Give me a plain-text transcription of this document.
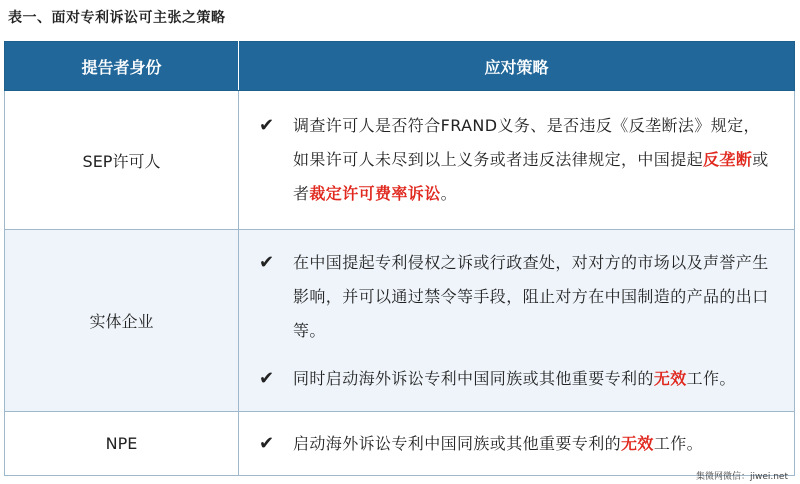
表一、面对专利诉讼可主张之策略
提告者身份	应对策略
SEP许可人	✔ 调查许可人是否符合FRAND义务、是否违反《反垄断法》规定，如果许可人未尽到以上义务或者违反法律规定，中国提起反垄断或者裁定许可费率诉讼。

实体企业	✔ 在中国提起专利侵权之诉或行政查处，对对方的市场以及声誉产生影响，并可以通过禁令等手段，阻止对方在中国制造的产品的出口等。
✔ 同时启动海外诉讼专利中国同族或其他重要专利的无效工作。

NPE	✔ 启动海外诉讼专利中国同族或其他重要专利的无效工作。
集微网微信：jiwei.net
